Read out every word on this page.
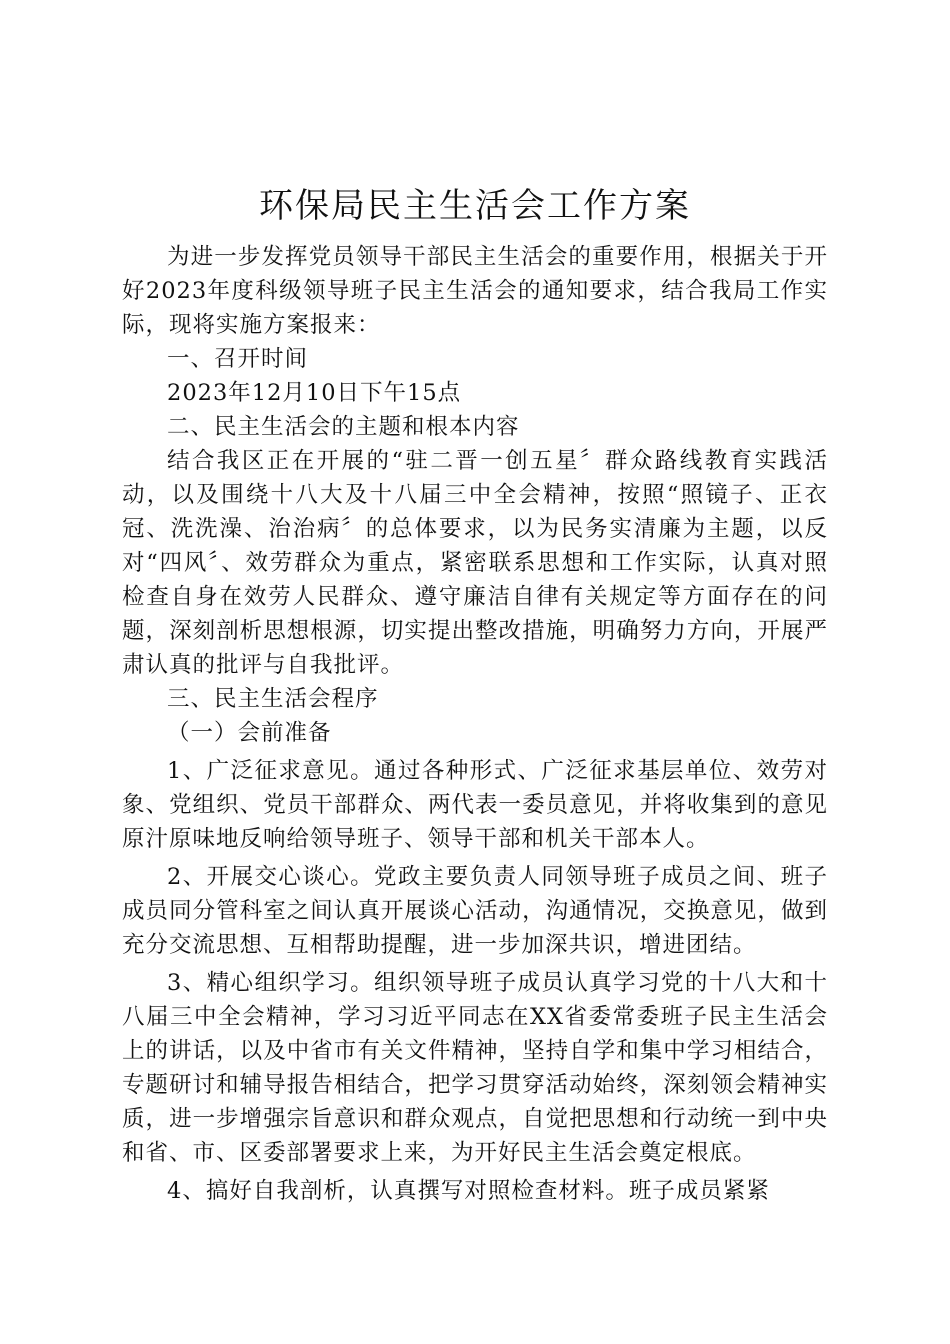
环保局民主生活会工作方案

为进一步发挥党员领导干部民主生活会的重要作用，根据关于开好2023年度科级领导班子民主生活会的通知要求，结合我局工作实际，现将实施方案报来：

一、召开时间

2023年12月10日下午15点

二、民主生活会的主题和根本内容

结合我区正在开展的“驻二晋一创五星〞群众路线教育实践活动，以及围绕十八大及十八届三中全会精神，按照“照镜子、正衣冠、洗洗澡、治治病〞的总体要求，以为民务实清廉为主题，以反对“四风〞、效劳群众为重点，紧密联系思想和工作实际，认真对照检查自身在效劳人民群众、遵守廉洁自律有关规定等方面存在的问题，深刻剖析思想根源，切实提出整改措施，明确努力方向，开展严肃认真的批评与自我批评。

三、民主生活会程序

（一）会前准备

1、广泛征求意见。通过各种形式、广泛征求基层单位、效劳对象、党组织、党员干部群众、两代表一委员意见，并将收集到的意见原汁原味地反响给领导班子、领导干部和机关干部本人。

2、开展交心谈心。党政主要负责人同领导班子成员之间、班子成员同分管科室之间认真开展谈心活动，沟通情况，交换意见，做到充分交流思想、互相帮助提醒，进一步加深共识，增进团结。

3、精心组织学习。组织领导班子成员认真学习党的十八大和十八届三中全会精神，学习习近平同志在XX省委常委班子民主生活会上的讲话，以及中省市有关文件精神，坚持自学和集中学习相结合，专题研讨和辅导报告相结合，把学习贯穿活动始终，深刻领会精神实质，进一步增强宗旨意识和群众观点，自觉把思想和行动统一到中央和省、市、区委部署要求上来，为开好民主生活会奠定根底。

4、搞好自我剖析，认真撰写对照检查材料。班子成员紧紧
